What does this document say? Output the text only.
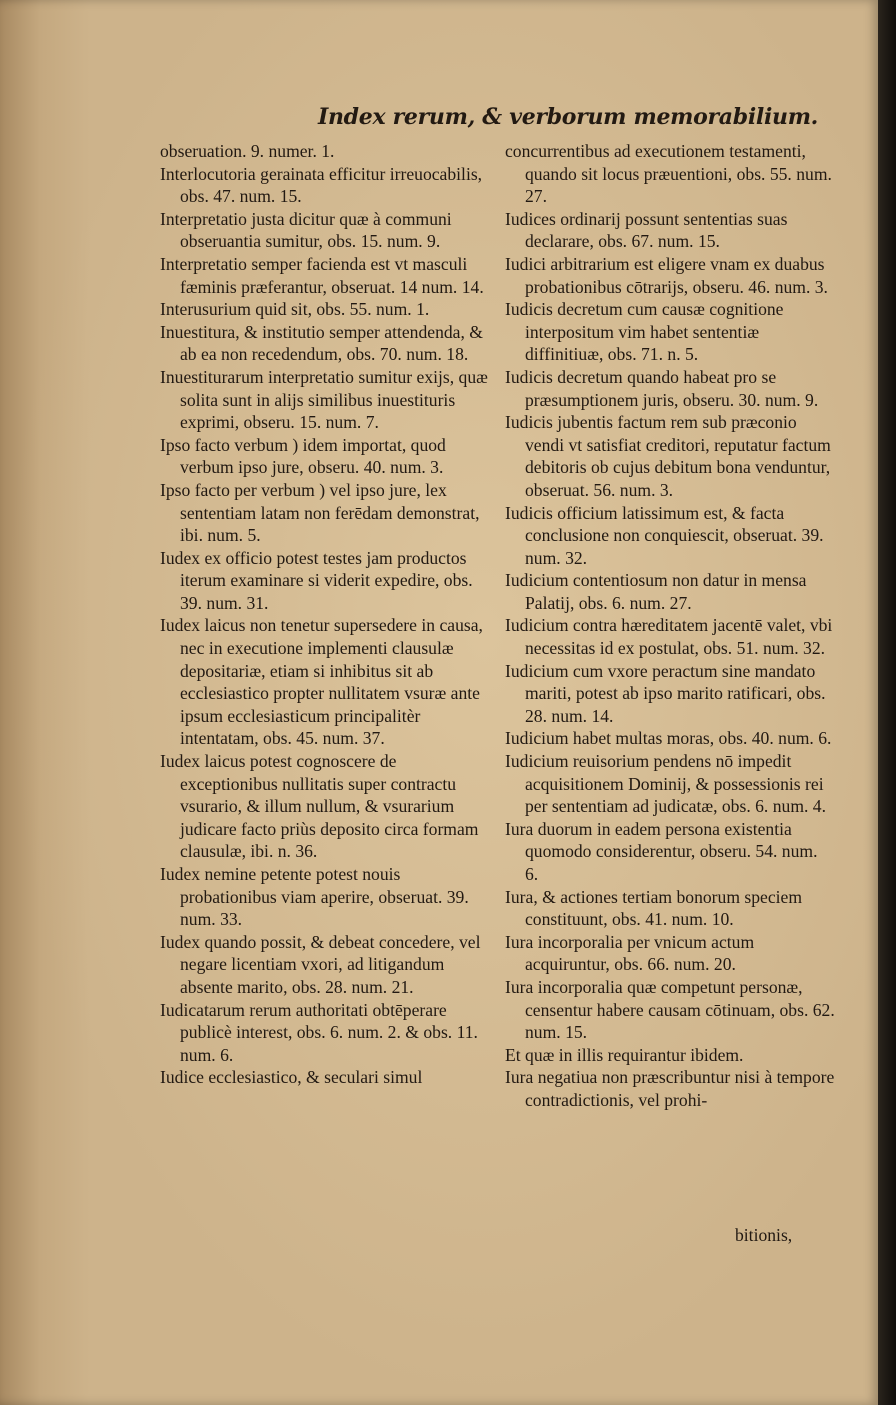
Index rerum, & verborum memorabilium.
obseruation. 9. numer. 1.
Interlocutoria gerainata efficitur irreuocabilis, obs. 47. num. 15.
Interpretatio justa dicitur quæ à communi obseruantia sumitur, obs. 15. num. 9.
Interpretatio semper facienda est vt masculi fæminis præferantur, obseruat. 14 num. 14.
Interusurium quid sit, obs. 55. num. 1.
Inuestitura, & institutio semper attendenda, & ab ea non recedendum, obs. 70. num. 18.
Inuestiturarum interpretatio sumitur exijs, quæ solita sunt in alijs similibus inuestituris exprimi, obseru. 15. num. 7.
Ipso facto verbum ) idem importat, quod verbum ipso jure, obseru. 40. num. 3.
Ipso facto per verbum ) vel ipso jure, lex sententiam latam non ferēdam demonstrat, ibi. num. 5.
Iudex ex officio potest testes jam productos iterum examinare si viderit expedire, obs. 39. num. 31.
Iudex laicus non tenetur supersedere in causa, nec in executione implementi clausulæ depositariæ, etiam si inhibitus sit ab ecclesiastico propter nullitatem vsuræ ante ipsum ecclesiasticum principalitèr intentatam, obs. 45. num. 37.
Iudex laicus potest cognoscere de exceptionibus nullitatis super contractu vsurario, & illum nullum, & vsurarium judicare facto priùs deposito circa formam clausulæ, ibi. n. 36.
Iudex nemine petente potest nouis probationibus viam aperire, obseruat. 39. num. 33.
Iudex quando possit, & debeat concedere, vel negare licentiam vxori, ad litigandum absente marito, obs. 28. num. 21.
Iudicatarum rerum authoritati obtēperare publicè interest, obs. 6. num. 2. & obs. 11. num. 6.
Iudice ecclesiastico, & seculari simul
concurrentibus ad executionem testamenti, quando sit locus præuentioni, obs. 55. num. 27.
Iudices ordinarij possunt sententias suas declarare, obs. 67. num. 15.
Iudici arbitrarium est eligere vnam ex duabus probationibus cōtrarijs, obseru. 46. num. 3.
Iudicis decretum cum causæ cognitione interpositum vim habet sententiæ diffinitiuæ, obs. 71. n. 5.
Iudicis decretum quando habeat pro se præsumptionem juris, obseru. 30. num. 9.
Iudicis jubentis factum rem sub præconio vendi vt satisfiat creditori, reputatur factum debitoris ob cujus debitum bona venduntur, obseruat. 56. num. 3.
Iudicis officium latissimum est, & facta conclusione non conquiescit, obseruat. 39. num. 32.
Iudicium contentiosum non datur in mensa Palatij, obs. 6. num. 27.
Iudicium contra hæreditatem jacentē valet, vbi necessitas id ex postulat, obs. 51. num. 32.
Iudicium cum vxore peractum sine mandato mariti, potest ab ipso marito ratificari, obs. 28. num. 14.
Iudicium habet multas moras, obs. 40. num. 6.
Iudicium reuisorium pendens nō impedit acquisitionem Dominij, & possessionis rei per sententiam ad judicatæ, obs. 6. num. 4.
Iura duorum in eadem persona existentia quomodo considerentur, obseru. 54. num. 6.
Iura, & actiones tertiam bonorum speciem constituunt, obs. 41. num. 10.
Iura incorporalia per vnicum actum acquiruntur, obs. 66. num. 20.
Iura incorporalia quæ competunt personæ, censentur habere causam cōtinuam, obs. 62. num. 15.
Et quæ in illis requirantur ibidem.
Iura negatiua non præscribuntur nisi à tempore contradictionis, vel prohi-
bitionis,
